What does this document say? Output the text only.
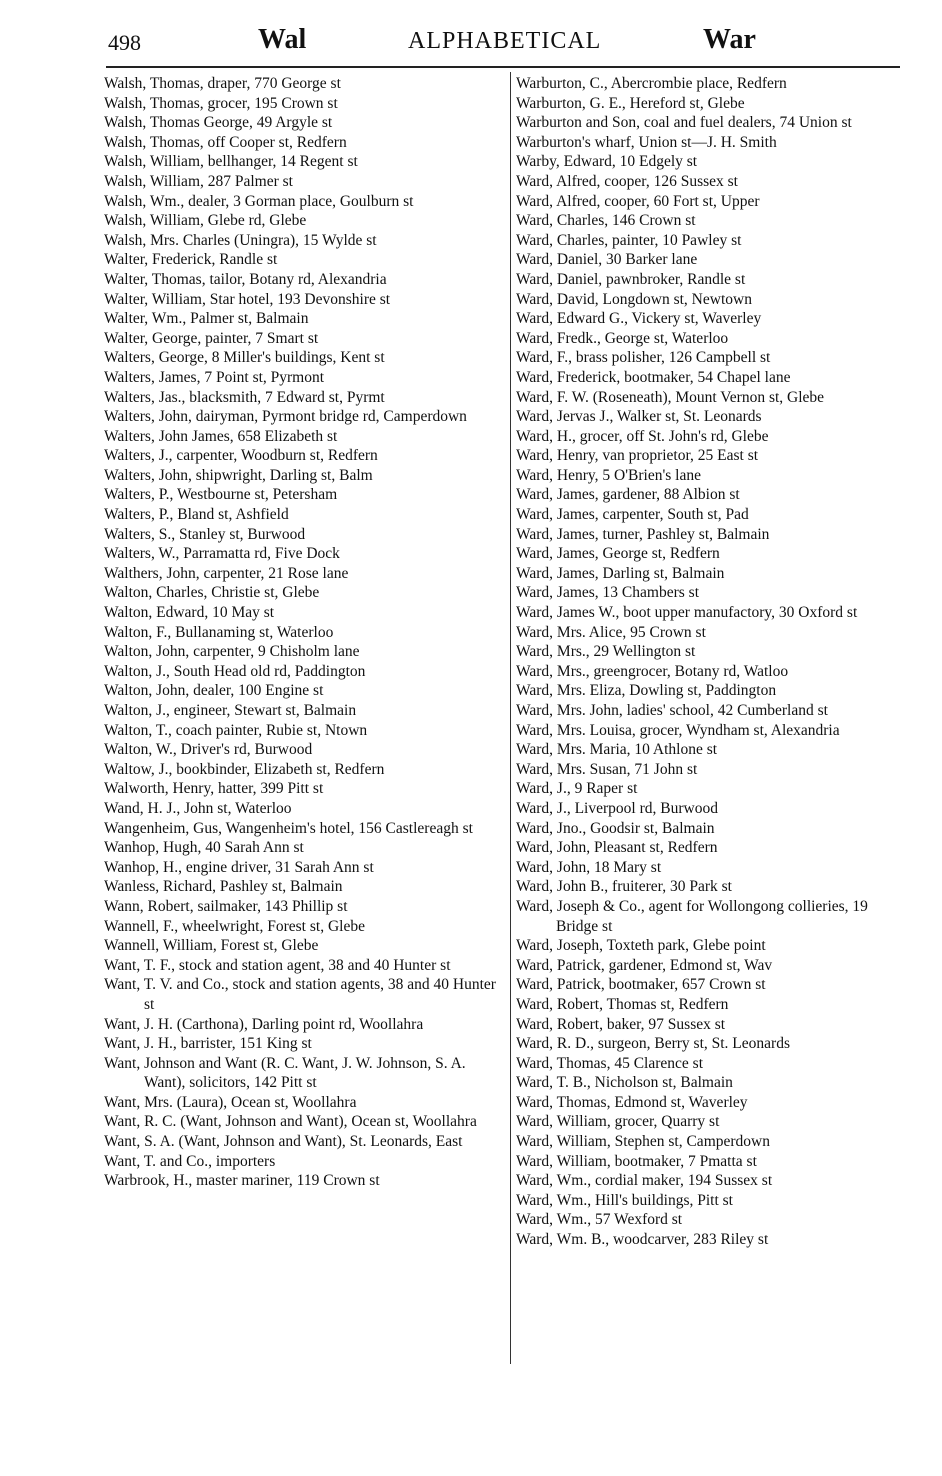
498	Wal	ALPHABETICAL	War
Walsh, Thomas, draper, 770 George st
Walsh, Thomas, grocer, 195 Crown st
Walsh, Thomas George, 49 Argyle st
Walsh, Thomas, off Cooper st, Redfern
Walsh, William, bellhanger, 14 Regent st
Walsh, William, 287 Palmer st
Walsh, Wm., dealer, 3 Gorman place, Goulburn st
Walsh, William, Glebe rd, Glebe
Walsh, Mrs. Charles (Uningra), 15 Wylde st
Walter, Frederick, Randle st
Walter, Thomas, tailor, Botany rd, Alexandria
Walter, William, Star hotel, 193 Devonshire st
Walter, Wm., Palmer st, Balmain
Walter, George, painter, 7 Smart st
Walters, George, 8 Miller's buildings, Kent st
Walters, James, 7 Point st, Pyrmont
Walters, Jas., blacksmith, 7 Edward st, Pyrmt
Walters, John, dairyman, Pyrmont bridge rd, Camperdown
Walters, John James, 658 Elizabeth st
Walters, J., carpenter, Woodburn st, Redfern
Walters, John, shipwright, Darling st, Balm
Walters, P., Westbourne st, Petersham
Walters, P., Bland st, Ashfield
Walters, S., Stanley st, Burwood
Walters, W., Parramatta rd, Five Dock
Walthers, John, carpenter, 21 Rose lane
Walton, Charles, Christie st, Glebe
Walton, Edward, 10 May st
Walton, F., Bullanaming st, Waterloo
Walton, John, carpenter, 9 Chisholm lane
Walton, J., South Head old rd, Paddington
Walton, John, dealer, 100 Engine st
Walton, J., engineer, Stewart st, Balmain
Walton, T., coach painter, Rubie st, Ntown
Walton, W., Driver's rd, Burwood
Waltow, J., bookbinder, Elizabeth st, Redfern
Walworth, Henry, hatter, 399 Pitt st
Wand, H. J., John st, Waterloo
Wangenheim, Gus, Wangenheim's hotel, 156 Castlereagh st
Wanhop, Hugh, 40 Sarah Ann st
Wanhop, H., engine driver, 31 Sarah Ann st
Wanless, Richard, Pashley st, Balmain
Wann, Robert, sailmaker, 143 Phillip st
Wannell, F., wheelwright, Forest st, Glebe
Wannell, William, Forest st, Glebe
Want, T. F., stock and station agent, 38 and 40 Hunter st
Want, T. V. and Co., stock and station agents, 38 and 40 Hunter st
Want, J. H. (Carthona), Darling point rd, Woollahra
Want, J. H., barrister, 151 King st
Want, Johnson and Want (R. C. Want, J. W. Johnson, S. A. Want), solicitors, 142 Pitt st
Want, Mrs. (Laura), Ocean st, Woollahra
Want, R. C. (Want, Johnson and Want), Ocean st, Woollahra
Want, S. A. (Want, Johnson and Want), St. Leonards, East
Want, T. and Co., importers
Warbrook, H., master mariner, 119 Crown st
Warburton, C., Abercrombie place, Redfern
Warburton, G. E., Hereford st, Glebe
Warburton and Son, coal and fuel dealers, 74 Union st
Warburton's wharf, Union st—J. H. Smith
Warby, Edward, 10 Edgely st
Ward, Alfred, cooper, 126 Sussex st
Ward, Alfred, cooper, 60 Fort st, Upper
Ward, Charles, 146 Crown st
Ward, Charles, painter, 10 Pawley st
Ward, Daniel, 30 Barker lane
Ward, Daniel, pawnbroker, Randle st
Ward, David, Longdown st, Newtown
Ward, Edward G., Vickery st, Waverley
Ward, Fredk., George st, Waterloo
Ward, F., brass polisher, 126 Campbell st
Ward, Frederick, bootmaker, 54 Chapel lane
Ward, F. W. (Roseneath), Mount Vernon st, Glebe
Ward, Jervas J., Walker st, St. Leonards
Ward, H., grocer, off St. John's rd, Glebe
Ward, Henry, van proprietor, 25 East st
Ward, Henry, 5 O'Brien's lane
Ward, James, gardener, 88 Albion st
Ward, James, carpenter, South st, Pad
Ward, James, turner, Pashley st, Balmain
Ward, James, George st, Redfern
Ward, James, Darling st, Balmain
Ward, James, 13 Chambers st
Ward, James W., boot upper manufactory, 30 Oxford st
Ward, Mrs. Alice, 95 Crown st
Ward, Mrs., 29 Wellington st
Ward, Mrs., greengrocer, Botany rd, Watloo
Ward, Mrs. Eliza, Dowling st, Paddington
Ward, Mrs. John, ladies' school, 42 Cumberland st
Ward, Mrs. Louisa, grocer, Wyndham st, Alexandria
Ward, Mrs. Maria, 10 Athlone st
Ward, Mrs. Susan, 71 John st
Ward, J., 9 Raper st
Ward, J., Liverpool rd, Burwood
Ward, Jno., Goodsir st, Balmain
Ward, John, Pleasant st, Redfern
Ward, John, 18 Mary st
Ward, John B., fruiterer, 30 Park st
Ward, Joseph & Co., agent for Wollongong collieries, 19 Bridge st
Ward, Joseph, Toxteth park, Glebe point
Ward, Patrick, gardener, Edmond st, Wav
Ward, Patrick, bootmaker, 657 Crown st
Ward, Robert, Thomas st, Redfern
Ward, Robert, baker, 97 Sussex st
Ward, R. D., surgeon, Berry st, St. Leonards
Ward, Thomas, 45 Clarence st
Ward, T. B., Nicholson st, Balmain
Ward, Thomas, Edmond st, Waverley
Ward, William, grocer, Quarry st
Ward, William, Stephen st, Camperdown
Ward, William, bootmaker, 7 Pmatta st
Ward, Wm., cordial maker, 194 Sussex st
Ward, Wm., Hill's buildings, Pitt st
Ward, Wm., 57 Wexford st
Ward, Wm. B., woodcarver, 283 Riley st
